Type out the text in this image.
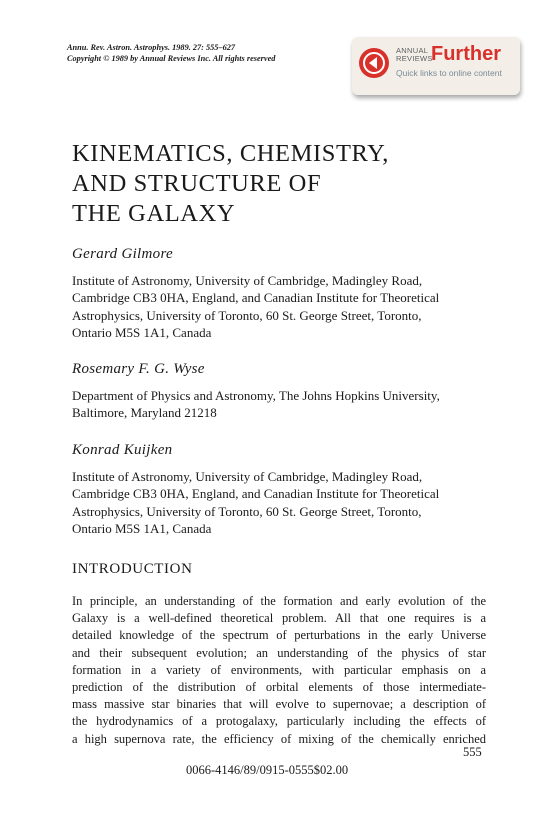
Annu. Rev. Astron. Astrophys. 1989. 27: 555–627
Copyright © 1989 by Annual Reviews Inc. All rights reserved
ANNUAL
REVIEWS
Further
Quick links to online content
KINEMATICS, CHEMISTRY,
AND STRUCTURE OF
THE GALAXY
Gerard Gilmore
Institute of Astronomy, University of Cambridge, Madingley Road,
Cambridge CB3 0HA, England, and Canadian Institute for Theoretical
Astrophysics, University of Toronto, 60 St. George Street, Toronto,
Ontario M5S 1A1, Canada
Rosemary F. G. Wyse
Department of Physics and Astronomy, The Johns Hopkins University,
Baltimore, Maryland 21218
Konrad Kuijken
Institute of Astronomy, University of Cambridge, Madingley Road,
Cambridge CB3 0HA, England, and Canadian Institute for Theoretical
Astrophysics, University of Toronto, 60 St. George Street, Toronto,
Ontario M5S 1A1, Canada
INTRODUCTION
In principle, an understanding of the formation and early evolution of the
Galaxy is a well-defined theoretical problem. All that one requires is a
detailed knowledge of the spectrum of perturbations in the early Universe
and their subsequent evolution; an understanding of the physics of star
formation in a variety of environments, with particular emphasis on a
prediction of the distribution of orbital elements of those intermediate-
mass massive star binaries that will evolve to supernovae; a description of
the hydrodynamics of a protogalaxy, particularly including the effects of
a high supernova rate, the efficiency of mixing of the chemically enriched
555
0066-4146/89/0915-0555$02.00
